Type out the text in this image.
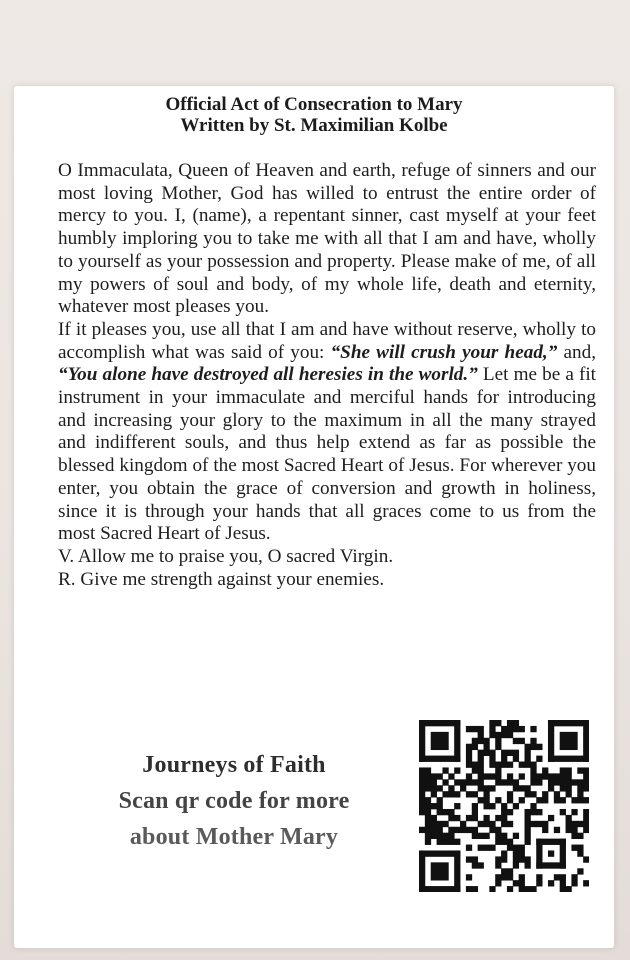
Official Act of Consecration to Mary
Written by St. Maximilian Kolbe

O Immaculata, Queen of Heaven and earth, refuge of sinners and our most loving Mother, God has willed to entrust the entire order of mercy to you. I, (name), a repentant sinner, cast myself at your feet humbly imploring you to take me with all that I am and have, wholly to yourself as your possession and property. Please make of me, of all my powers of soul and body, of my whole life, death and eternity, whatever most pleases you.

If it pleases you, use all that I am and have without reserve, wholly to accomplish what was said of you: “She will crush your head,” and, “You alone have destroyed all heresies in the world.” Let me be a fit instrument in your immaculate and merciful hands for introducing and increasing your glory to the maximum in all the many strayed and indifferent souls, and thus help extend as far as possible the blessed kingdom of the most Sacred Heart of Jesus. For wherever you enter, you obtain the grace of conversion and growth in holiness, since it is through your hands that all graces come to us from the most Sacred Heart of Jesus.

V. Allow me to praise you, O sacred Virgin.

R. Give me strength against your enemies.

Journeys of Faith
Scan qr code for more
about Mother Mary
